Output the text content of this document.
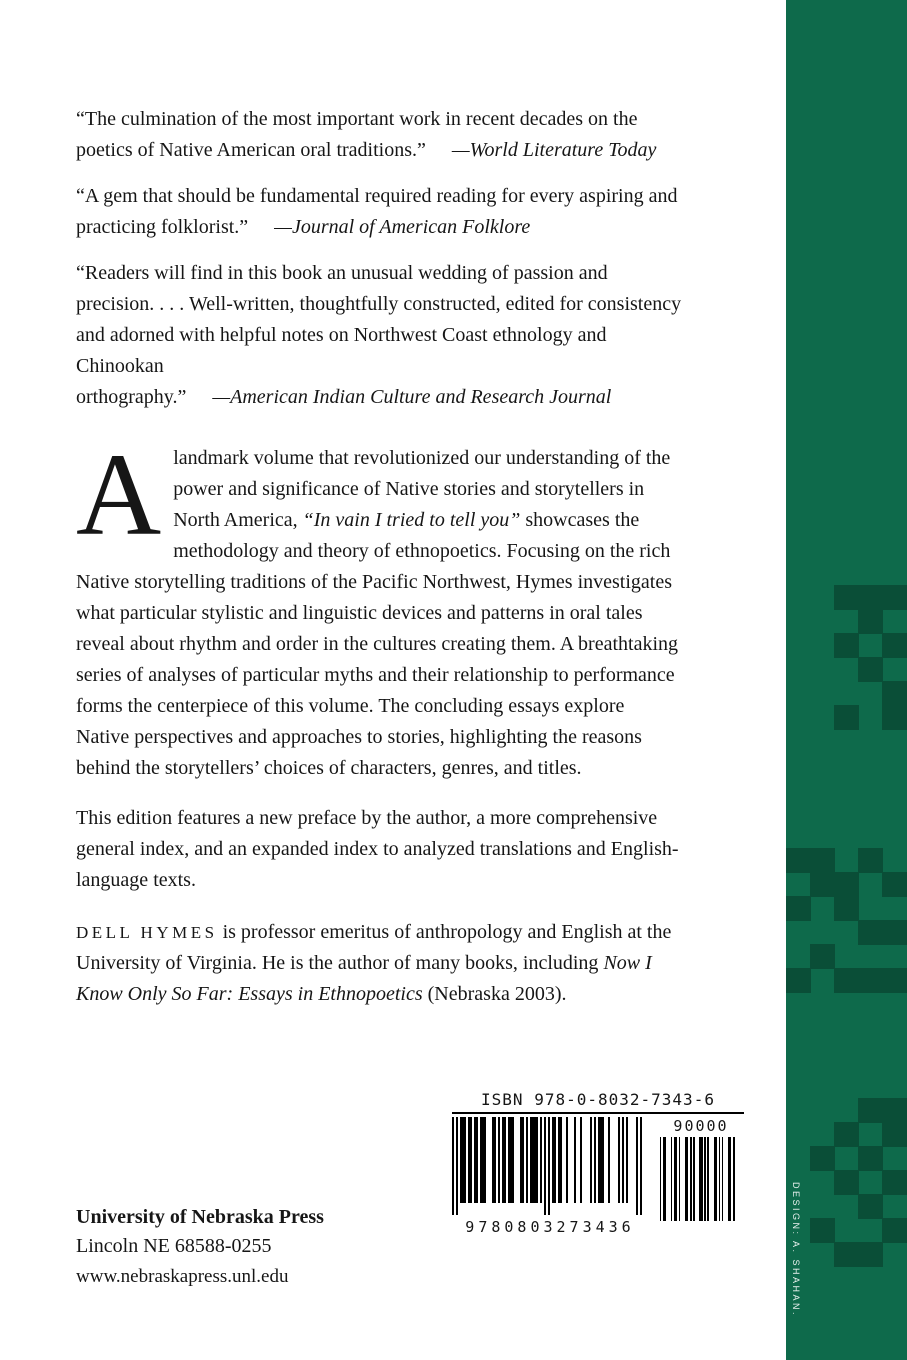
“The culmination of the most important work in recent decades on the poetics of Native American oral traditions.” —World Literature Today

“A gem that should be fundamental required reading for every aspiring and practicing folklorist.” —Journal of American Folklore

“Readers will find in this book an unusual wedding of passion and precision. . . . Well-written, thoughtfully constructed, edited for consistency and adorned with helpful notes on Northwest Coast ethnology and Chinookan orthography.” —American Indian Culture and Research Journal

Alandmark volume that revolutionized our understanding of the power and significance of Native stories and storytellers in North America, “In vain I tried to tell you” showcases the methodology and theory of ethnopoetics. Focusing on the rich Native storytelling traditions of the Pacific Northwest, Hymes investigates what particular stylistic and linguistic devices and patterns in oral tales reveal about rhythm and order in the cultures creating them. A breathtaking series of analyses of particular myths and their relationship to performance forms the centerpiece of this volume. The concluding essays explore Native perspectives and approaches to stories, highlighting the reasons behind the storytellers’ choices of characters, genres, and titles.

This edition features a new preface by the author, a more comprehensive general index, and an expanded index to analyzed translations and English-language texts.

DELL HYMES is professor emeritus of anthropology and English at the University of Virginia. He is the author of many books, including Now I Know Only So Far: Essays in Ethnopoetics (Nebraska 2003).

ISBN 978-0-8032-7343-6
9780803273436
90000
University of Nebraska Press
Lincoln NE 68588-0255
www.nebraskapress.unl.edu	DESIGN: A. SHAHAN.
